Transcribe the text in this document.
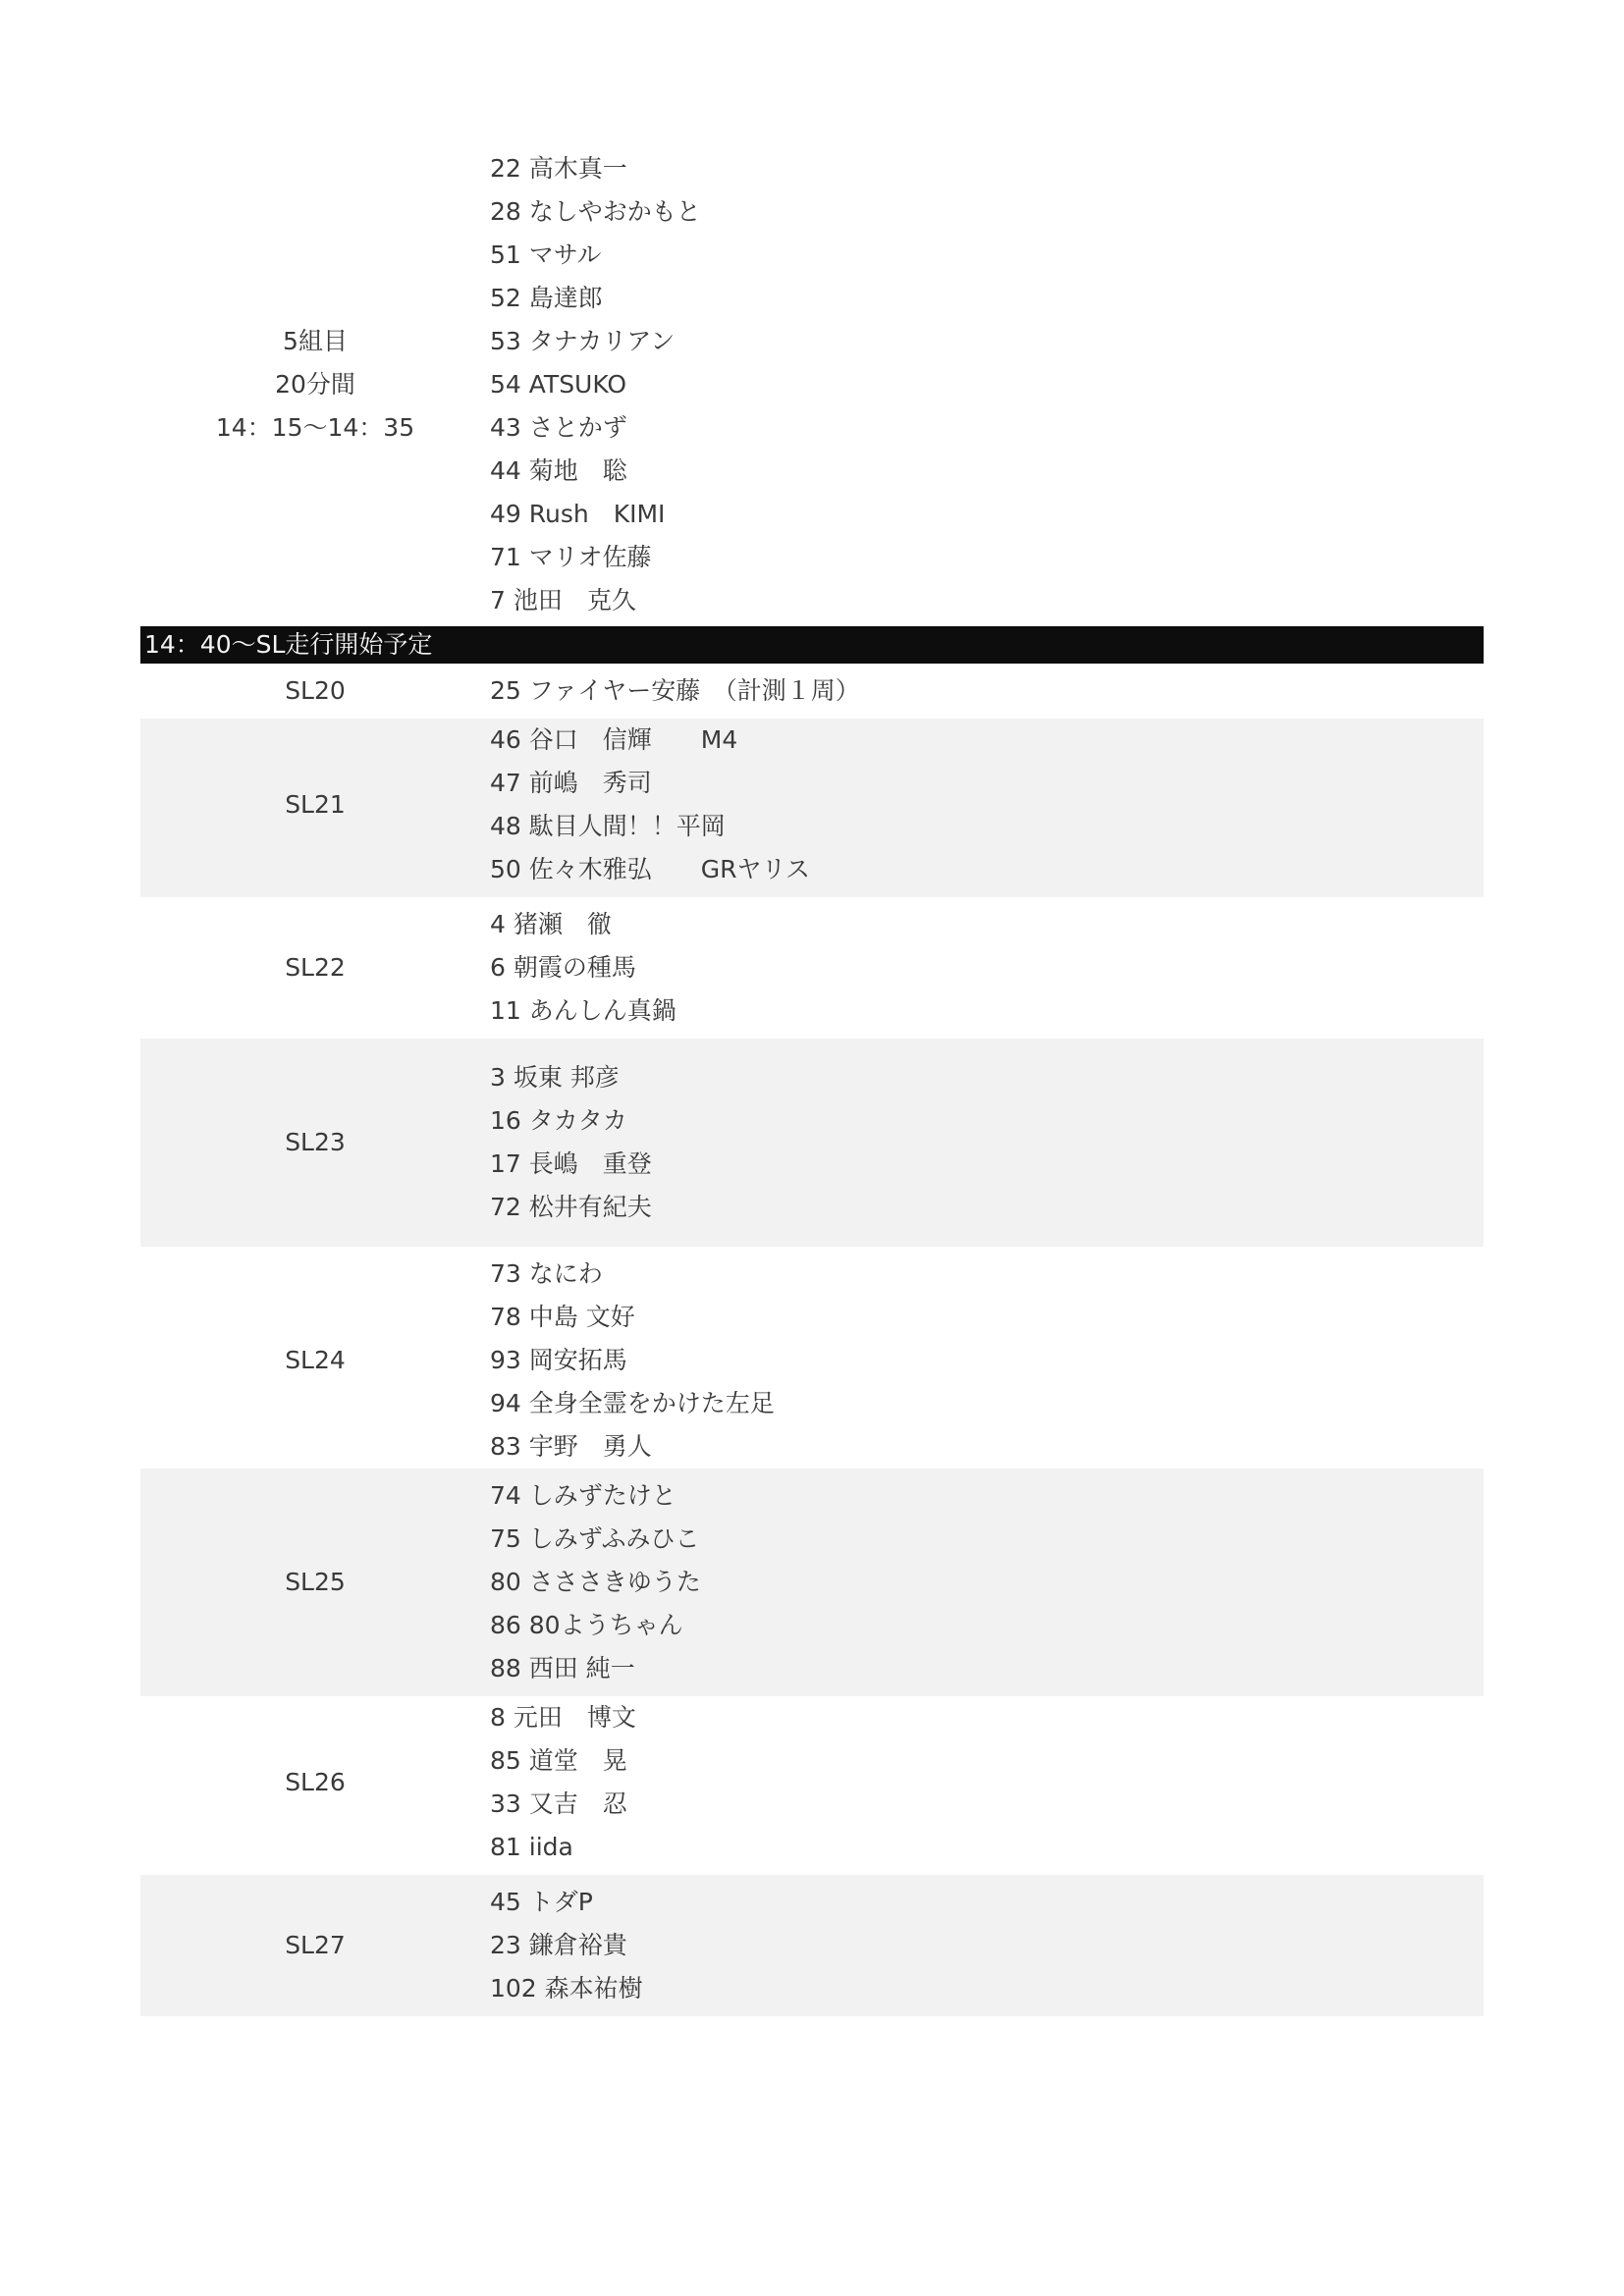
5組目
20分間
14：15〜14：35
22 高木真一
28 なしやおかもと
51 マサル
52 島達郎
53 タナカリアン
54 ATSUKO
43 さとかず
44 菊地　聡
49 Rush　KIMI
71 マリオ佐藤
7 池田　克久
14：40〜SL走行開始予定
SL20	25 ファイヤー安藤　（計測１周）
SL21
46 谷口　信輝　　M4
47 前嶋　秀司
48 駄目人間！！平岡
50 佐々木雅弘　　GRヤリス
SL22
4 猪瀬　徹
6 朝霞の種馬
11 あんしん真鍋
SL23
3 坂東 邦彦
16 タカタカ
17 長嶋　重登
72 松井有紀夫
SL24
73 なにわ
78 中島 文好
93 岡安拓馬
94 全身全霊をかけた左足
83 宇野　勇人
SL25
74 しみずたけと
75 しみずふみひこ
80 さささきゆうた
86 80ようちゃん
88 西田 純一
SL26
8 元田　博文
85 道堂　晃
33 又吉　忍
81 iida
SL27
45 トダP
23 鎌倉裕貴
102 森本祐樹
